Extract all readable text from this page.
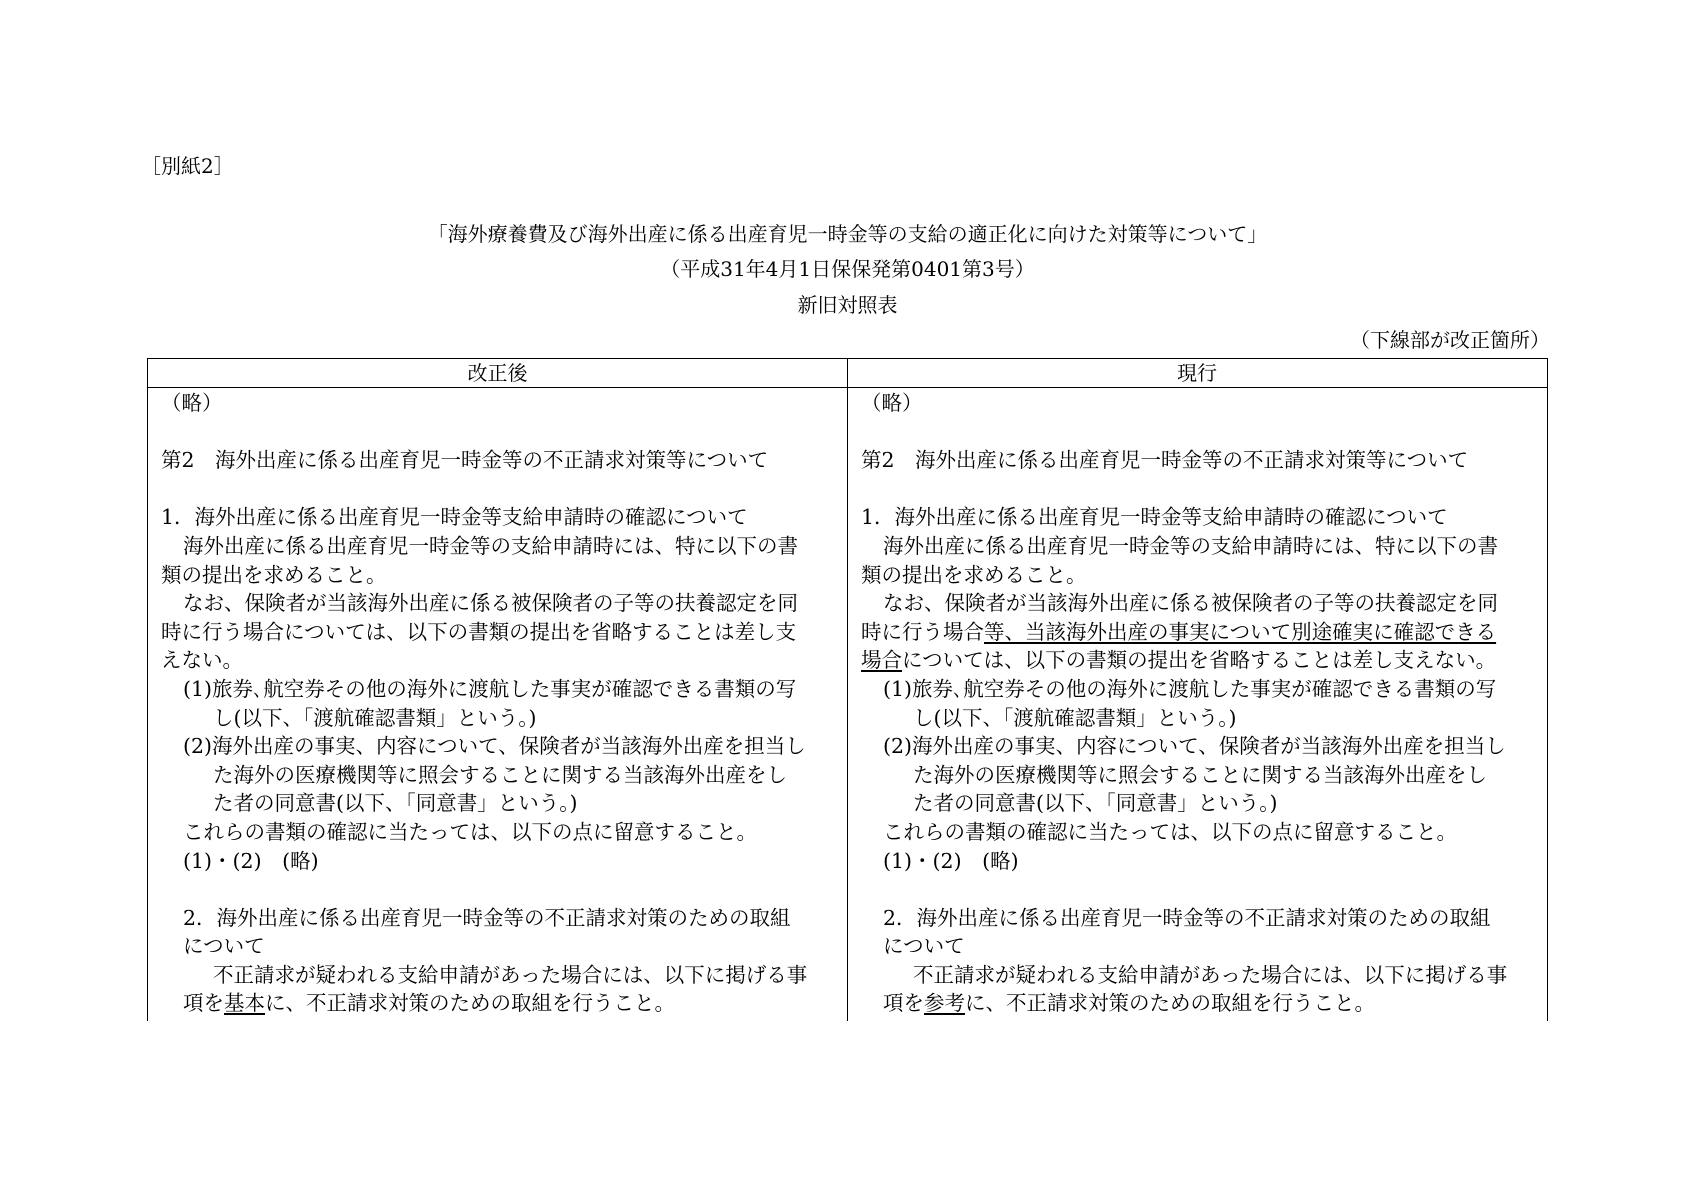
［別紙2］
「海外療養費及び海外出産に係る出産育児一時金等の支給の適正化に向けた対策等について」
（平成31年4月1日保保発第0401第3号）
新旧対照表
（下線部が改正箇所）
改正後	現行
（略）
第2　海外出産に係る出産育児一時金等の不正請求対策等について
1．海外出産に係る出産育児一時金等支給申請時の確認について
海外出産に係る出産育児一時金等の支給申請時には、特に以下の書
類の提出を求めること。
なお、保険者が当該海外出産に係る被保険者の子等の扶養認定を同
時に行う場合については、以下の書類の提出を省略することは差し支
えない。
(1)旅券､航空券その他の海外に渡航した事実が確認できる書類の写
し(以下、「渡航確認書類」という。)
(2)海外出産の事実、内容について、保険者が当該海外出産を担当し
た海外の医療機関等に照会することに関する当該海外出産をし
た者の同意書(以下、「同意書」という。)
これらの書類の確認に当たっては、以下の点に留意すること。
(1)・(2)　(略)
2．海外出産に係る出産育児一時金等の不正請求対策のための取組
について
不正請求が疑われる支給申請があった場合には、以下に掲げる事
項を基本に、不正請求対策のための取組を行うこと。
（略）
第2　海外出産に係る出産育児一時金等の不正請求対策等について
1．海外出産に係る出産育児一時金等支給申請時の確認について
海外出産に係る出産育児一時金等の支給申請時には、特に以下の書
類の提出を求めること。
なお、保険者が当該海外出産に係る被保険者の子等の扶養認定を同
時に行う場合等、当該海外出産の事実について別途確実に確認できる
場合については、以下の書類の提出を省略することは差し支えない。
(1)旅券､航空券その他の海外に渡航した事実が確認できる書類の写
し(以下、「渡航確認書類」という。)
(2)海外出産の事実、内容について、保険者が当該海外出産を担当し
た海外の医療機関等に照会することに関する当該海外出産をし
た者の同意書(以下、「同意書」という。)
これらの書類の確認に当たっては、以下の点に留意すること。
(1)・(2)　(略)
2．海外出産に係る出産育児一時金等の不正請求対策のための取組
について
不正請求が疑われる支給申請があった場合には、以下に掲げる事
項を参考に、不正請求対策のための取組を行うこと。
